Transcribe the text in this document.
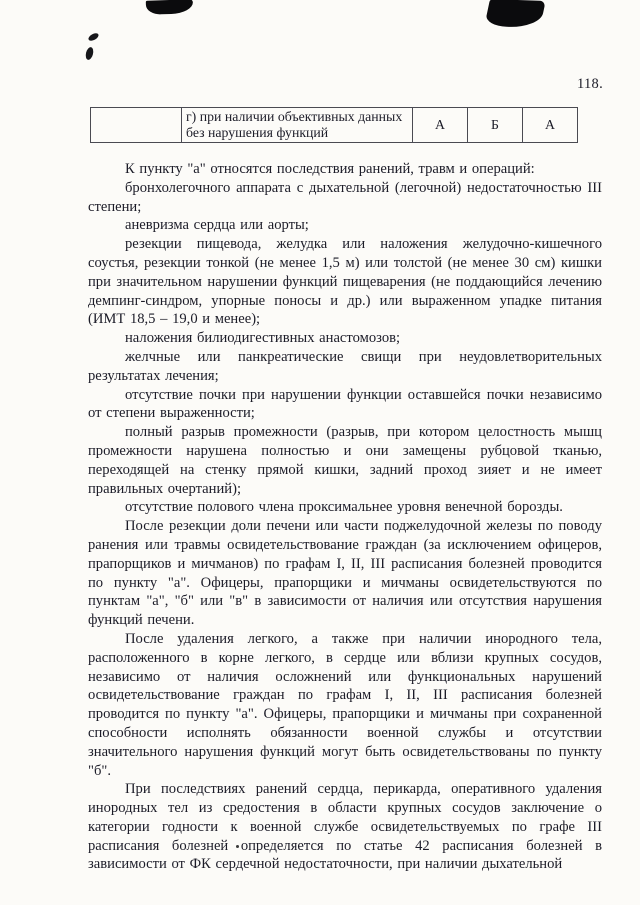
118.
	г) при наличии объективных данных без нарушения функций	А	Б	А

К пункту "а" относятся последствия ранений, травм и операций:

бронхолегочного аппарата с дыхательной (легочной) недостаточностью III степени;

аневризма сердца или аорты;

резекции пищевода, желудка или наложения желудочно-кишечного соустья, резекции тонкой (не менее 1,5 м) или толстой (не менее 30 см) кишки при значительном нарушении функций пищеварения (не поддающийся лечению демпинг-синдром, упорные поносы и др.) или выраженном упадке питания (ИМТ 18,5 – 19,0 и менее);

наложения билиодигестивных анастомозов;

желчные или панкреатические свищи при неудовлетворительных результатах лечения;

отсутствие почки при нарушении функции оставшейся почки независимо от степени выраженности;

полный разрыв промежности (разрыв, при котором целостность мышц промежности нарушена полностью и они замещены рубцовой тканью, переходящей на стенку прямой кишки, задний проход зияет и не имеет правильных очертаний);

отсутствие полового члена проксимальнее уровня венечной борозды.

После резекции доли печени или части поджелудочной железы по поводу ранения или травмы освидетельствование граждан (за исключением офицеров, прапорщиков и мичманов) по графам I, II, III расписания болезней проводится по пункту "а". Офицеры, прапорщики и мичманы освидетельствуются по пунктам "а", "б" или "в" в зависимости от наличия или отсутствия нарушения функций печени.

После удаления легкого, а также при наличии инородного тела, расположенного в корне легкого, в сердце или вблизи крупных сосудов, независимо от наличия осложнений или функциональных нарушений освидетельствование граждан по графам I, II, III расписания болезней проводится по пункту "а". Офицеры, прапорщики и мичманы при сохраненной способности исполнять обязанности военной службы и отсутствии значительного нарушения функций могут быть освидетельствованы по пункту "б".

При последствиях ранений сердца, перикарда, оперативного удаления инородных тел из средостения в области крупных сосудов заключение о категории годности к военной службе освидетельствуемых по графе III расписания болезней определяется по статье 42 расписания болезней в зависимости от ФК сердечной недостаточности, при наличии дыхательной
